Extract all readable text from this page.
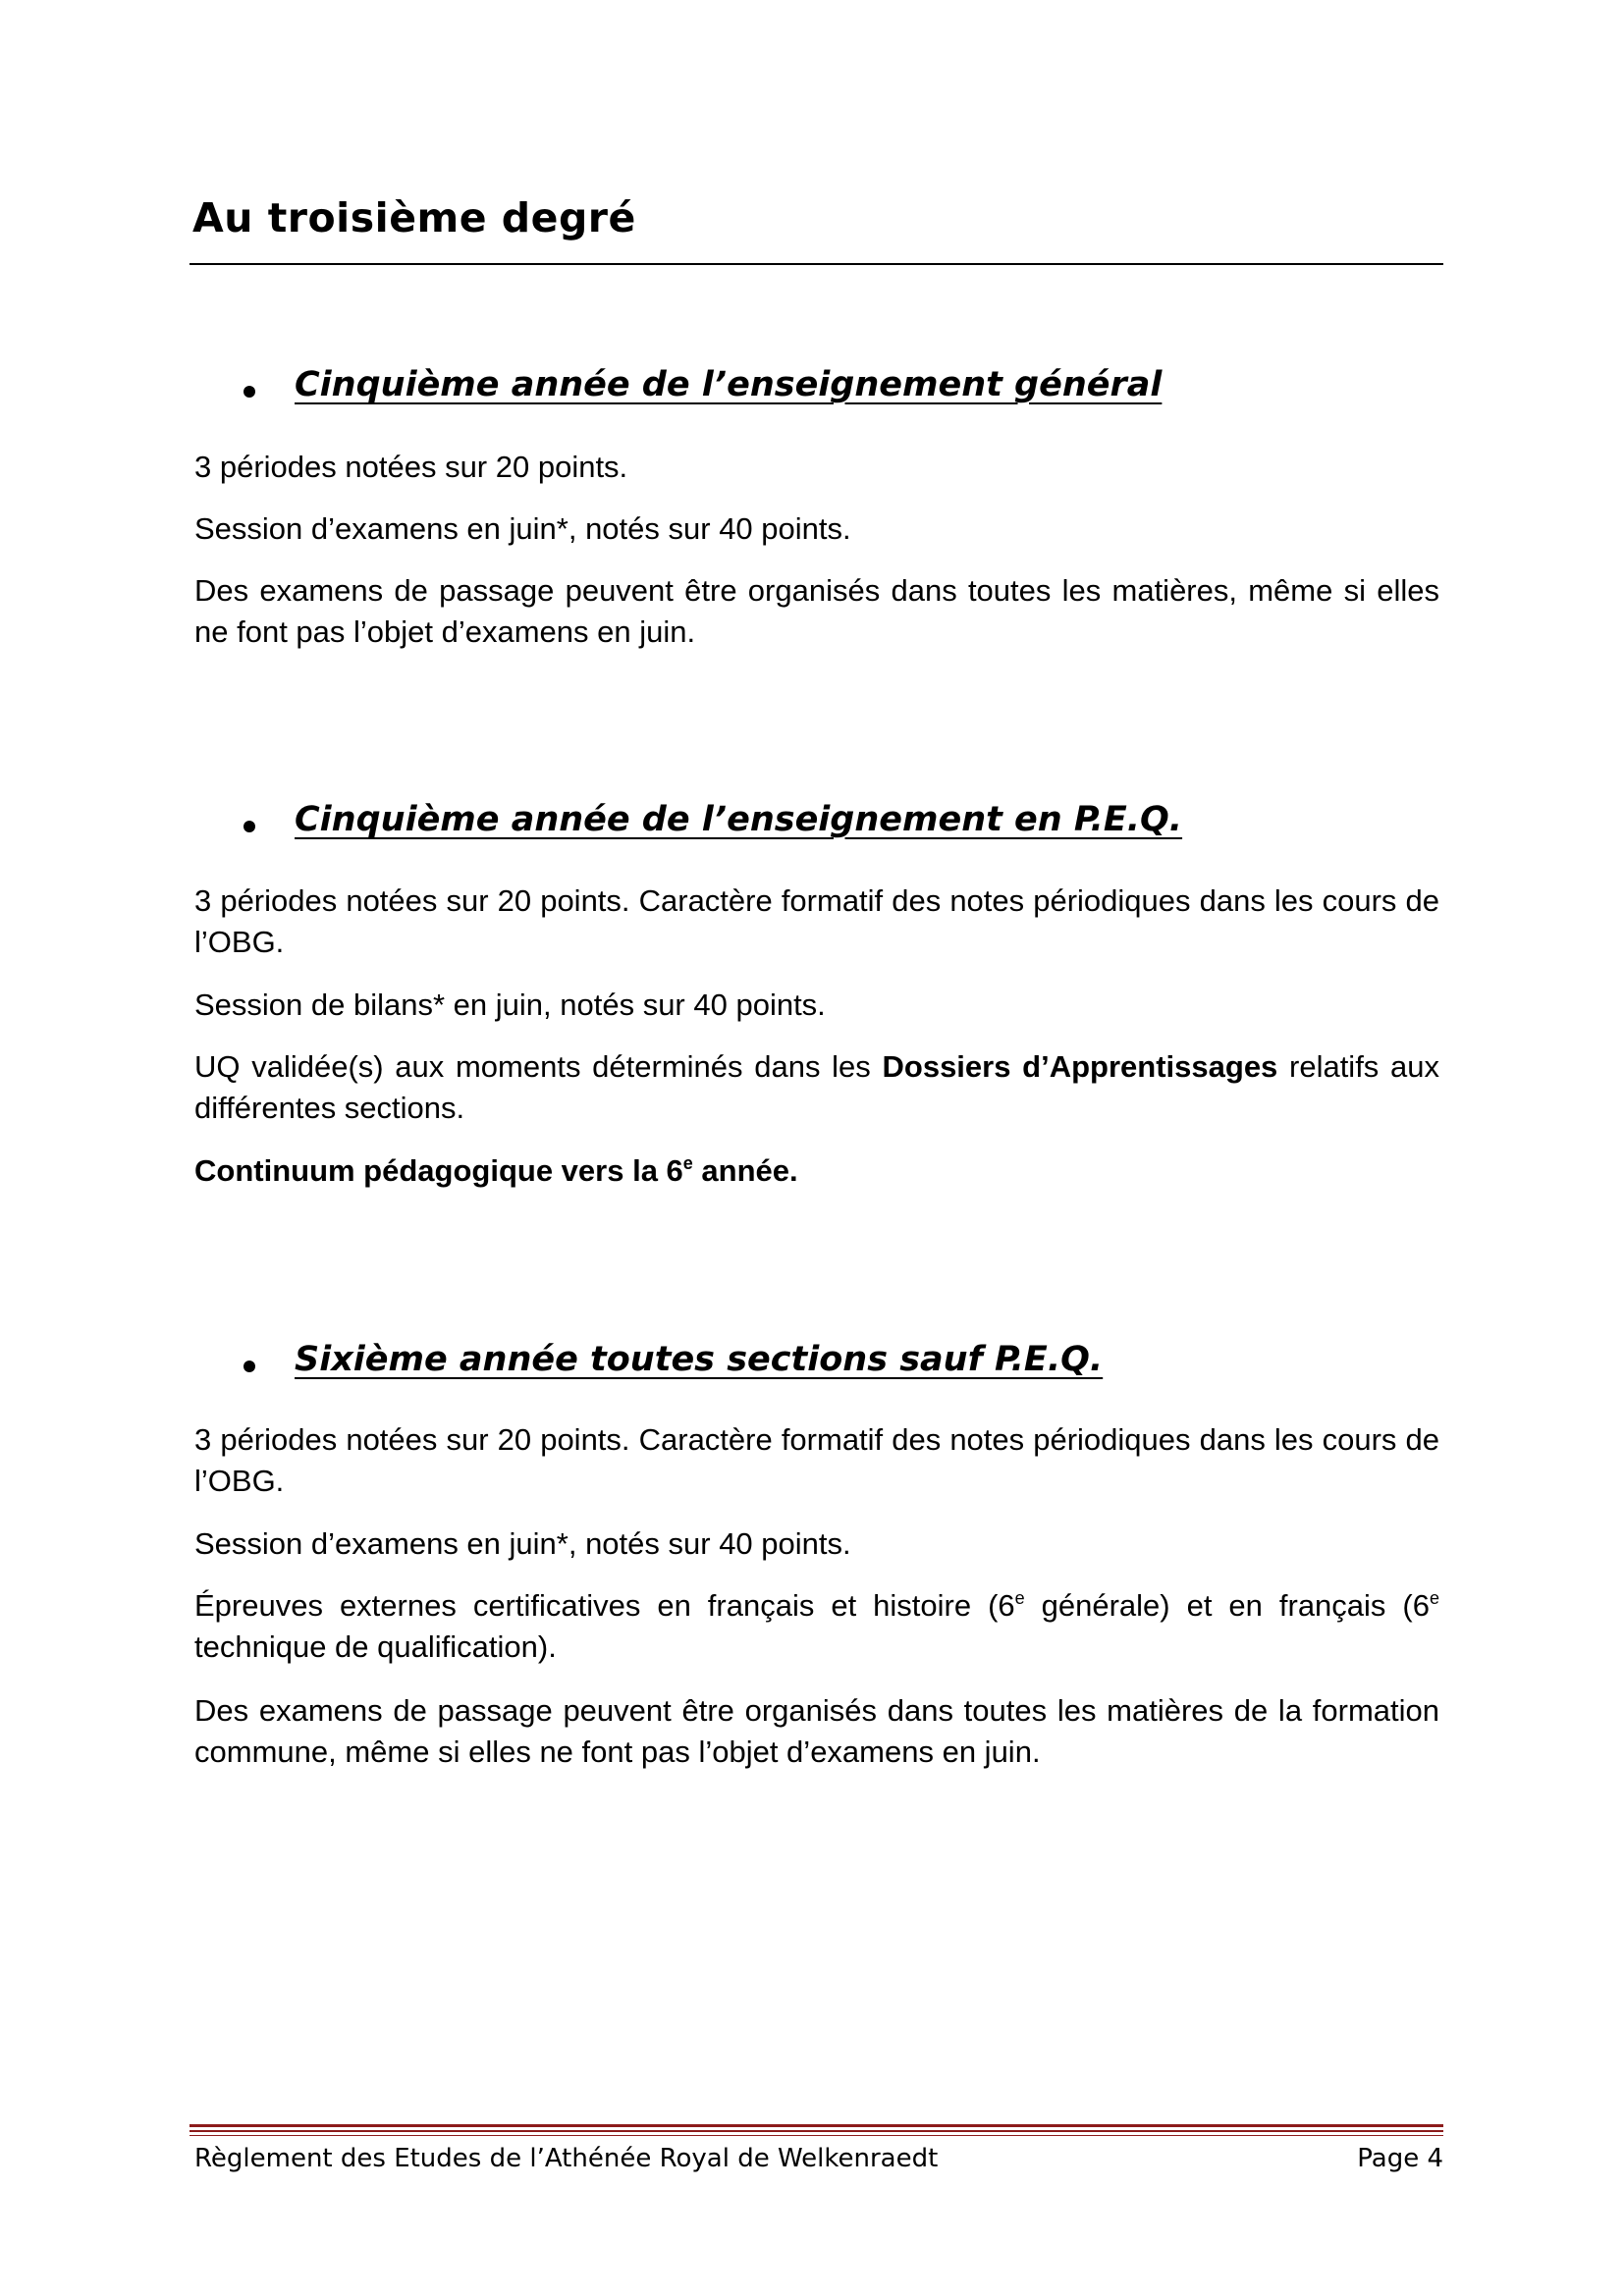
Au troisième degré
Cinquième année de l’enseignement général

3 périodes notées sur 20 points.

Session d’examens en juin*, notés sur 40 points.

Des examens de passage peuvent être organisés dans toutes les matières, même si elles ne font pas l’objet d’examens en juin.

Cinquième année de l’enseignement en P.E.Q.

3 périodes notées sur 20 points. Caractère formatif des notes périodiques dans les cours de l’OBG.

Session de bilans* en juin, notés sur 40 points.

UQ validée(s) aux moments déterminés dans les Dossiers d’Apprentissages relatifs aux différentes sections.

Continuum pédagogique vers la 6e année.

Sixième année toutes sections sauf P.E.Q.

3 périodes notées sur 20 points. Caractère formatif des notes périodiques dans les cours de l’OBG.

Session d’examens en juin*, notés sur 40 points.

Épreuves externes certificatives en français et histoire (6e générale) et en français (6e technique de qualification).

Des examens de passage peuvent être organisés dans toutes les matières de la formation commune, même si elles ne font pas l’objet d’examens en juin.

Règlement des Etudes de l’Athénée Royal de Welkenraedt	Page 4
